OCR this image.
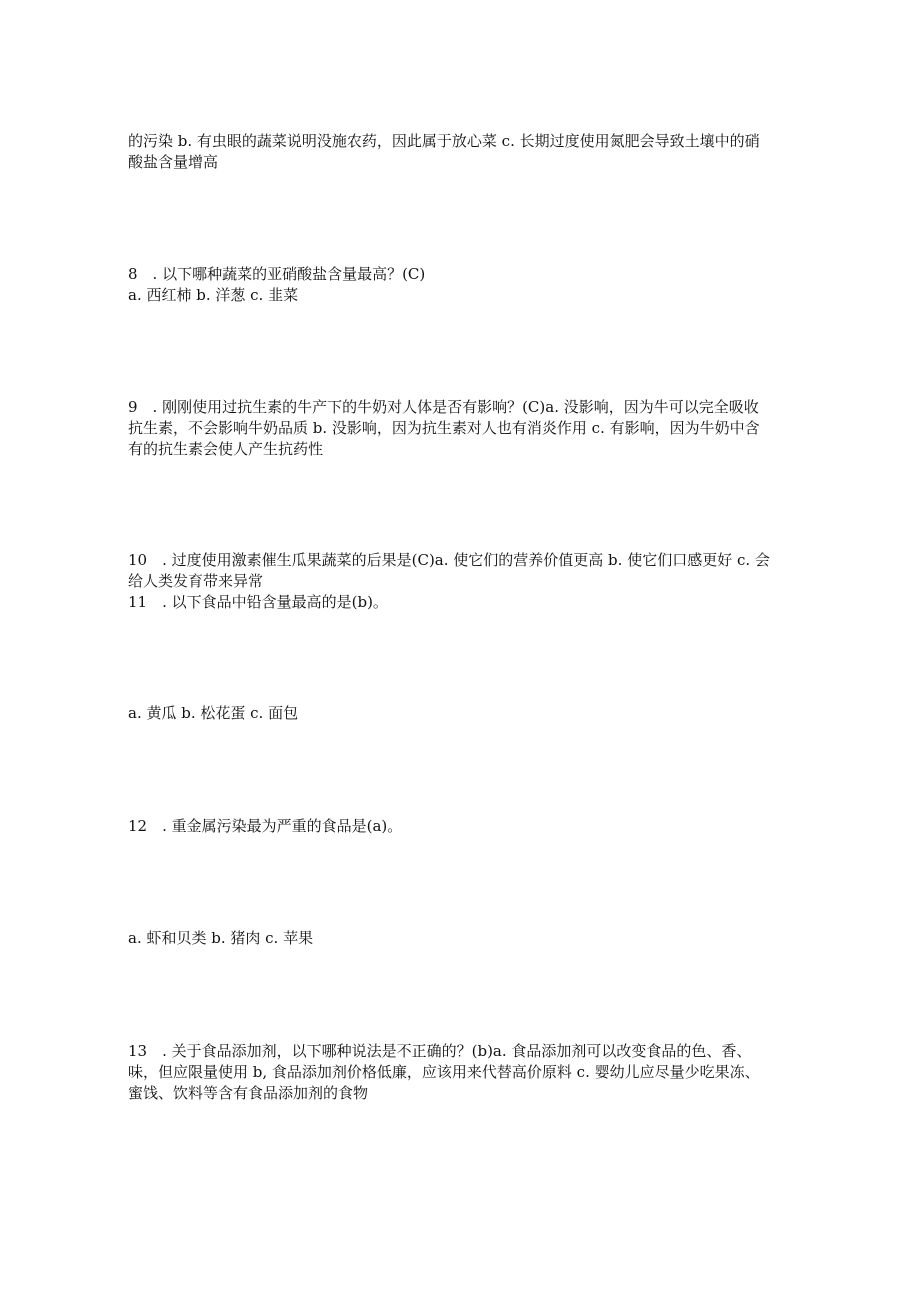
的污染 b. 有虫眼的蔬菜说明没施农药，因此属于放心菜 c. 长期过度使用氮肥会导致土壤中的硝
酸盐含量增高

8　. 以下哪种蔬菜的亚硝酸盐含量最高？(C)
a. 西红柿 b. 洋葱 c. 韭菜

9　. 刚刚使用过抗生素的牛产下的牛奶对人体是否有影响？(C)a. 没影响，因为牛可以完全吸收
抗生素，不会影响牛奶品质 b. 没影响，因为抗生素对人也有消炎作用 c. 有影响，因为牛奶中含
有的抗生素会使人产生抗药性

10　. 过度使用激素催生瓜果蔬菜的后果是(C)a. 使它们的营养价值更高 b. 使它们口感更好 c. 会
给人类发育带来异常
11　. 以下食品中铅含量最高的是(b)。

a. 黄瓜 b. 松花蛋 c. 面包

12　. 重金属污染最为严重的食品是(a)。

a. 虾和贝类 b. 猪肉 c. 苹果

13　. 关于食品添加剂，以下哪种说法是不正确的？(b)a. 食品添加剂可以改变食品的色、香、
味，但应限量使用 b, 食品添加剂价格低廉，应该用来代替高价原料 c. 婴幼儿应尽量少吃果冻、
蜜饯、饮料等含有食品添加剂的食物
